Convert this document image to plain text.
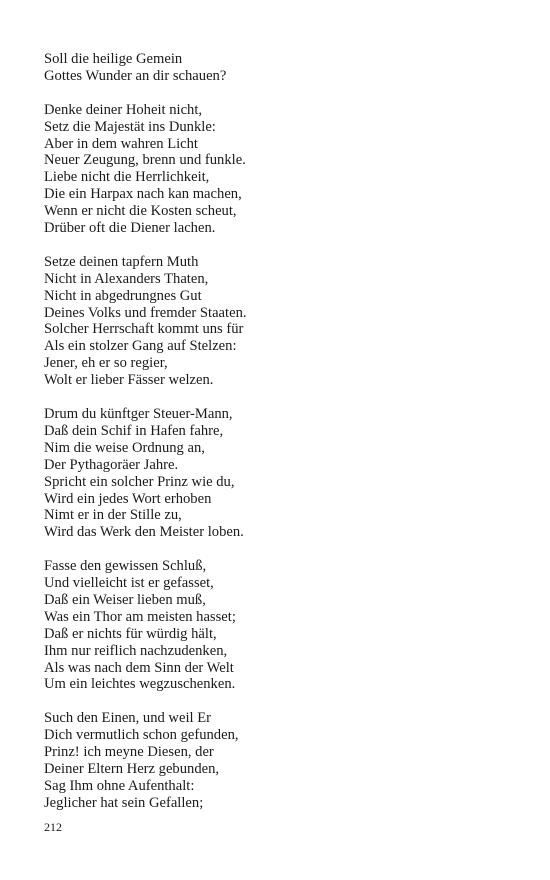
Soll die heilige Gemein
Gottes Wunder an dir schauen?
Denke deiner Hoheit nicht,
Setz die Majestät ins Dunkle:
Aber in dem wahren Licht
Neuer Zeugung, brenn und funkle.
Liebe nicht die Herrlichkeit,
Die ein Harpax nach kan machen,
Wenn er nicht die Kosten scheut,
Drüber oft die Diener lachen.
Setze deinen tapfern Muth
Nicht in Alexanders Thaten,
Nicht in abgedrungnes Gut
Deines Volks und fremder Staaten.
Solcher Herrschaft kommt uns für
Als ein stolzer Gang auf Stelzen:
Jener, eh er so regier,
Wolt er lieber Fässer welzen.
Drum du künftger Steuer-Mann,
Daß dein Schif in Hafen fahre,
Nim die weise Ordnung an,
Der Pythagoräer Jahre.
Spricht ein solcher Prinz wie du,
Wird ein jedes Wort erhoben
Nimt er in der Stille zu,
Wird das Werk den Meister loben.
Fasse den gewissen Schluß,
Und vielleicht ist er gefasset,
Daß ein Weiser lieben muß,
Was ein Thor am meisten hasset;
Daß er nichts für würdig hält,
Ihm nur reiflich nachzudenken,
Als was nach dem Sinn der Welt
Um ein leichtes wegzuschenken.
Such den Einen, und weil Er
Dich vermutlich schon gefunden,
Prinz! ich meyne Diesen, der
Deiner Eltern Herz gebunden,
Sag Ihm ohne Aufenthalt:
Jeglicher hat sein Gefallen;
212
